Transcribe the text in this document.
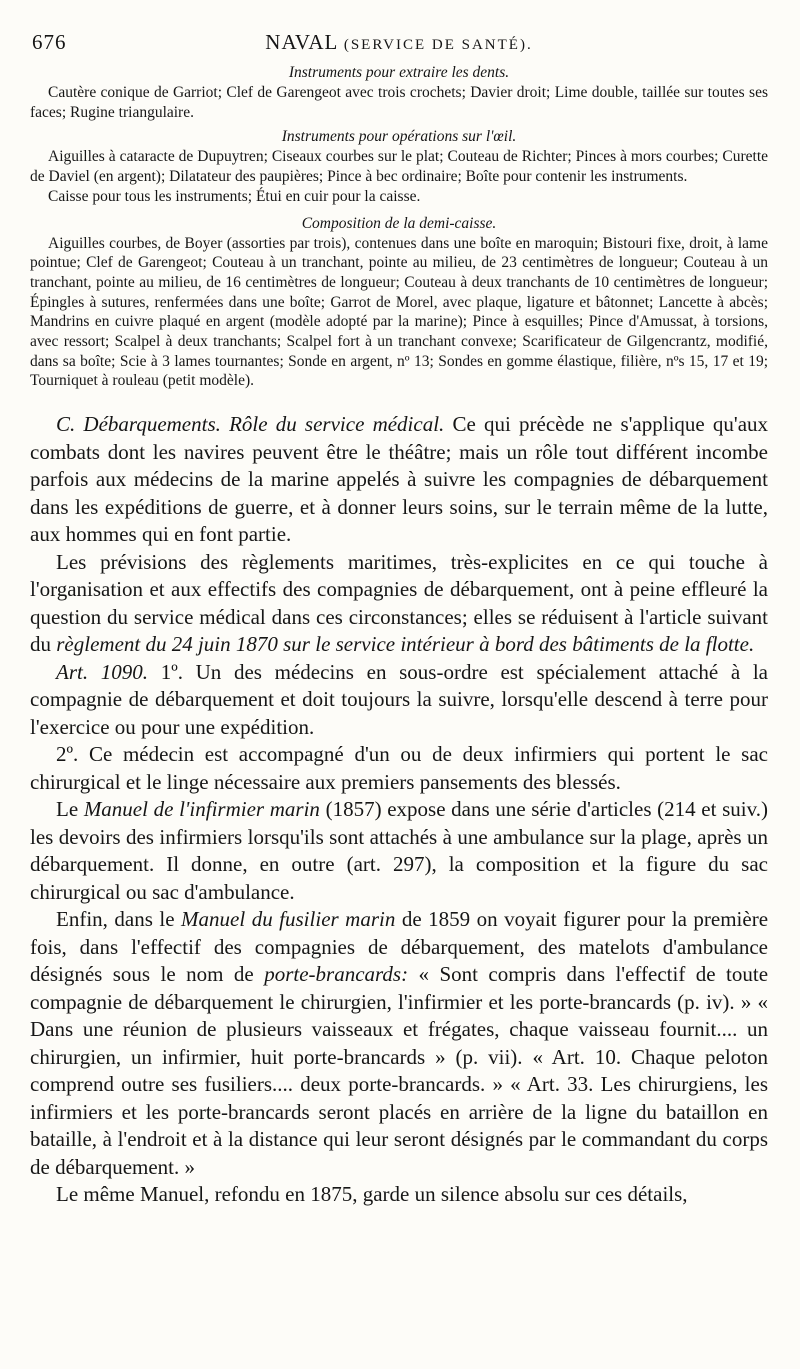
676	NAVAL (SERVICE DE SANTÉ).
Instruments pour extraire les dents.

Cautère conique de Garriot; Clef de Garengeot avec trois crochets; Davier droit; Lime double, taillée sur toutes ses faces; Rugine triangulaire.

Instruments pour opérations sur l'œil.

Aiguilles à cataracte de Dupuytren; Ciseaux courbes sur le plat; Couteau de Richter; Pinces à mors courbes; Curette de Daviel (en argent); Dilatateur des paupières; Pince à bec ordinaire; Boîte pour contenir les instruments.

Caisse pour tous les instruments; Étui en cuir pour la caisse.

Composition de la demi-caisse.

Aiguilles courbes, de Boyer (assorties par trois), contenues dans une boîte en maroquin; Bistouri fixe, droit, à lame pointue; Clef de Garengeot; Couteau à un tranchant, pointe au milieu, de 23 centimètres de longueur; Couteau à un tranchant, pointe au milieu, de 16 centimètres de longueur; Couteau à deux tranchants de 10 centimètres de longueur; Épingles à sutures, renfermées dans une boîte; Garrot de Morel, avec plaque, ligature et bâtonnet; Lancette à abcès; Mandrins en cuivre plaqué en argent (modèle adopté par la marine); Pince à esquilles; Pince d'Amussat, à torsions, avec ressort; Scalpel à deux tranchants; Scalpel fort à un tranchant convexe; Scarificateur de Gilgencrantz, modifié, dans sa boîte; Scie à 3 lames tournantes; Sonde en argent, nº 13; Sondes en gomme élastique, filière, nºs 15, 17 et 19; Tourniquet à rouleau (petit modèle).

C. Débarquements. Rôle du service médical. Ce qui précède ne s'applique qu'aux combats dont les navires peuvent être le théâtre; mais un rôle tout différent incombe parfois aux médecins de la marine appelés à suivre les compagnies de débarquement dans les expéditions de guerre, et à donner leurs soins, sur le terrain même de la lutte, aux hommes qui en font partie.

Les prévisions des règlements maritimes, très-explicites en ce qui touche à l'organisation et aux effectifs des compagnies de débarquement, ont à peine effleuré la question du service médical dans ces circonstances; elles se réduisent à l'article suivant du règlement du 24 juin 1870 sur le service intérieur à bord des bâtiments de la flotte.

Art. 1090. 1º. Un des médecins en sous-ordre est spécialement attaché à la compagnie de débarquement et doit toujours la suivre, lorsqu'elle descend à terre pour l'exercice ou pour une expédition.

2º. Ce médecin est accompagné d'un ou de deux infirmiers qui portent le sac chirurgical et le linge nécessaire aux premiers pansements des blessés.

Le Manuel de l'infirmier marin (1857) expose dans une série d'articles (214 et suiv.) les devoirs des infirmiers lorsqu'ils sont attachés à une ambulance sur la plage, après un débarquement. Il donne, en outre (art. 297), la composition et la figure du sac chirurgical ou sac d'ambulance.

Enfin, dans le Manuel du fusilier marin de 1859 on voyait figurer pour la première fois, dans l'effectif des compagnies de débarquement, des matelots d'ambulance désignés sous le nom de porte-brancards: « Sont compris dans l'effectif de toute compagnie de débarquement le chirurgien, l'infirmier et les porte-brancards (p. iv). » « Dans une réunion de plusieurs vaisseaux et frégates, chaque vaisseau fournit.... un chirurgien, un infirmier, huit porte-brancards » (p. vii). « Art. 10. Chaque peloton comprend outre ses fusiliers.... deux porte-brancards. » « Art. 33. Les chirurgiens, les infirmiers et les porte-brancards seront placés en arrière de la ligne du bataillon en bataille, à l'endroit et à la distance qui leur seront désignés par le commandant du corps de débarquement. »

Le même Manuel, refondu en 1875, garde un silence absolu sur ces détails,
